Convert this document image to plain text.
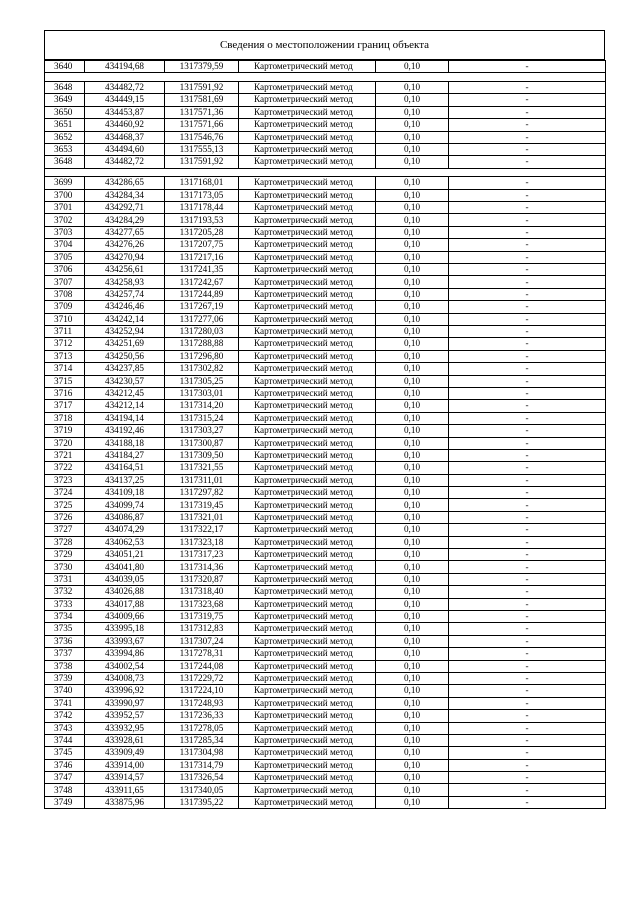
Сведения о местоположении границ объекта
3640	434194,68	1317379,59	Картометрический метод	0,10	-

3648	434482,72	1317591,92	Картометрический метод	0,10	-
3649	434449,15	1317581,69	Картометрический метод	0,10	-
3650	434453,87	1317571,36	Картометрический метод	0,10	-
3651	434460,92	1317571,66	Картометрический метод	0,10	-
3652	434468,37	1317546,76	Картометрический метод	0,10	-
3653	434494,60	1317555,13	Картометрический метод	0,10	-
3648	434482,72	1317591,92	Картометрический метод	0,10	-

3699	434286,65	1317168,01	Картометрический метод	0,10	-
3700	434284,34	1317173,05	Картометрический метод	0,10	-
3701	434292,71	1317178,44	Картометрический метод	0,10	-
3702	434284,29	1317193,53	Картометрический метод	0,10	-
3703	434277,65	1317205,28	Картометрический метод	0,10	-
3704	434276,26	1317207,75	Картометрический метод	0,10	-
3705	434270,94	1317217,16	Картометрический метод	0,10	-
3706	434256,61	1317241,35	Картометрический метод	0,10	-
3707	434258,93	1317242,67	Картометрический метод	0,10	-
3708	434257,74	1317244,89	Картометрический метод	0,10	-
3709	434246,46	1317267,19	Картометрический метод	0,10	-
3710	434242,14	1317277,06	Картометрический метод	0,10	-
3711	434252,94	1317280,03	Картометрический метод	0,10	-
3712	434251,69	1317288,88	Картометрический метод	0,10	-
3713	434250,56	1317296,80	Картометрический метод	0,10	-
3714	434237,85	1317302,82	Картометрический метод	0,10	-
3715	434230,57	1317305,25	Картометрический метод	0,10	-
3716	434212,45	1317303,01	Картометрический метод	0,10	-
3717	434212,14	1317314,20	Картометрический метод	0,10	-
3718	434194,14	1317315,24	Картометрический метод	0,10	-
3719	434192,46	1317303,27	Картометрический метод	0,10	-
3720	434188,18	1317300,87	Картометрический метод	0,10	-
3721	434184,27	1317309,50	Картометрический метод	0,10	-
3722	434164,51	1317321,55	Картометрический метод	0,10	-
3723	434137,25	1317311,01	Картометрический метод	0,10	-
3724	434109,18	1317297,82	Картометрический метод	0,10	-
3725	434099,74	1317319,45	Картометрический метод	0,10	-
3726	434086,87	1317321,01	Картометрический метод	0,10	-
3727	434074,29	1317322,17	Картометрический метод	0,10	-
3728	434062,53	1317323,18	Картометрический метод	0,10	-
3729	434051,21	1317317,23	Картометрический метод	0,10	-
3730	434041,80	1317314,36	Картометрический метод	0,10	-
3731	434039,05	1317320,87	Картометрический метод	0,10	-
3732	434026,88	1317318,40	Картометрический метод	0,10	-
3733	434017,88	1317323,68	Картометрический метод	0,10	-
3734	434009,66	1317319,75	Картометрический метод	0,10	-
3735	433995,18	1317312,83	Картометрический метод	0,10	-
3736	433993,67	1317307,24	Картометрический метод	0,10	-
3737	433994,86	1317278,31	Картометрический метод	0,10	-
3738	434002,54	1317244,08	Картометрический метод	0,10	-
3739	434008,73	1317229,72	Картометрический метод	0,10	-
3740	433996,92	1317224,10	Картометрический метод	0,10	-
3741	433990,97	1317248,93	Картометрический метод	0,10	-
3742	433952,57	1317236,33	Картометрический метод	0,10	-
3743	433932,95	1317278,05	Картометрический метод	0,10	-
3744	433928,61	1317285,34	Картометрический метод	0,10	-
3745	433909,49	1317304,98	Картометрический метод	0,10	-
3746	433914,00	1317314,79	Картометрический метод	0,10	-
3747	433914,57	1317326,54	Картометрический метод	0,10	-
3748	433911,65	1317340,05	Картометрический метод	0,10	-
3749	433875,96	1317395,22	Картометрический метод	0,10	-
